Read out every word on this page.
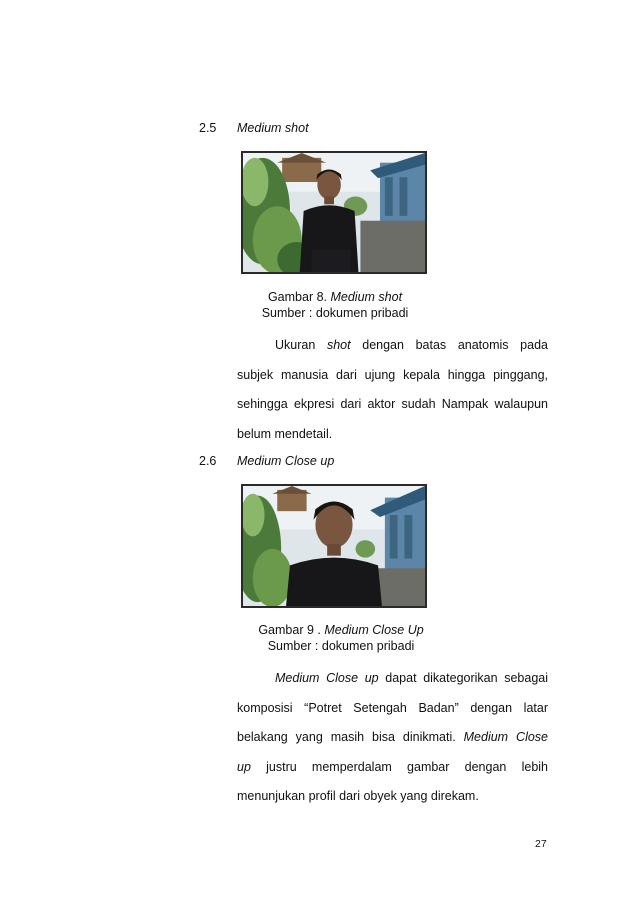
2.5 Medium shot
Gambar 8. Medium shot
Sumber : dokumen pribadi
Ukuran shot dengan batas anatomis pada
subjek manusia dari ujung kepala hingga pinggang,
sehingga ekpresi dari aktor sudah Nampak walaupun
belum mendetail.
2.6 Medium Close up
Gambar 9 . Medium Close Up
Sumber : dokumen pribadi
Medium Close up dapat dikategorikan sebagai
komposisi “Potret Setengah Badan” dengan latar
belakang yang masih bisa dinikmati. Medium Close
up justru memperdalam gambar dengan lebih
menunjukan profil dari obyek yang direkam.
27
